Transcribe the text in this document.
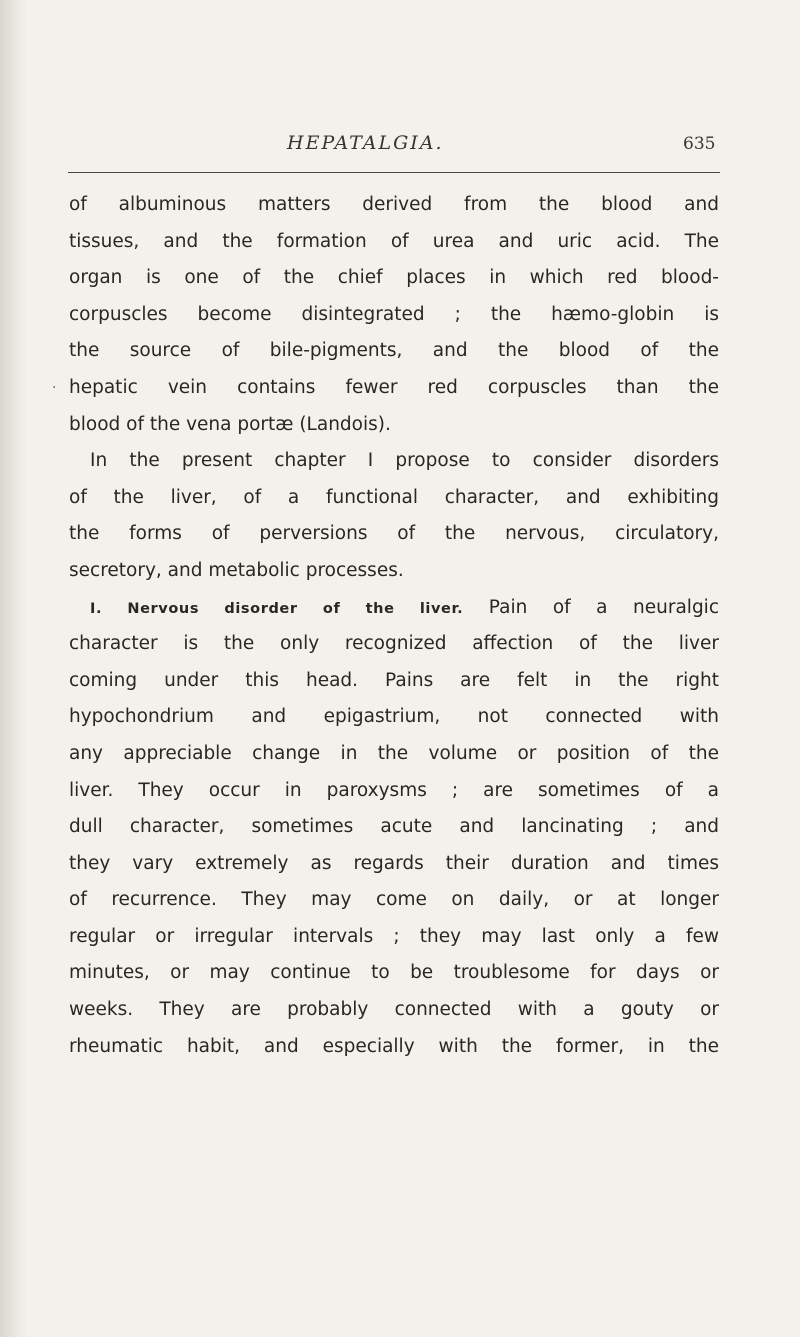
HEPATALGIA.	635
·
of albuminous matters derived from the blood and
tissues, and the formation of urea and uric acid. The
organ is one of the chief places in which red blood-
corpuscles become disintegrated ; the hæmo-globin is
the source of bile-pigments, and the blood of the
hepatic vein contains fewer red corpuscles than the
blood of the vena portæ (Landois).
In the present chapter I propose to consider disorders
of the liver, of a functional character, and exhibiting
the forms of perversions of the nervous, circulatory,
secretory, and metabolic processes.
I. Nervous disorder of the liver. Pain of a neuralgic
character is the only recognized affection of the liver
coming under this head. Pains are felt in the right
hypochondrium and epigastrium, not connected with
any appreciable change in the volume or position of the
liver. They occur in paroxysms ; are sometimes of a
dull character, sometimes acute and lancinating ; and
they vary extremely as regards their duration and times
of recurrence. They may come on daily, or at longer
regular or irregular intervals ; they may last only a few
minutes, or may continue to be troublesome for days or
weeks. They are probably connected with a gouty or
rheumatic habit, and especially with the former, in the
